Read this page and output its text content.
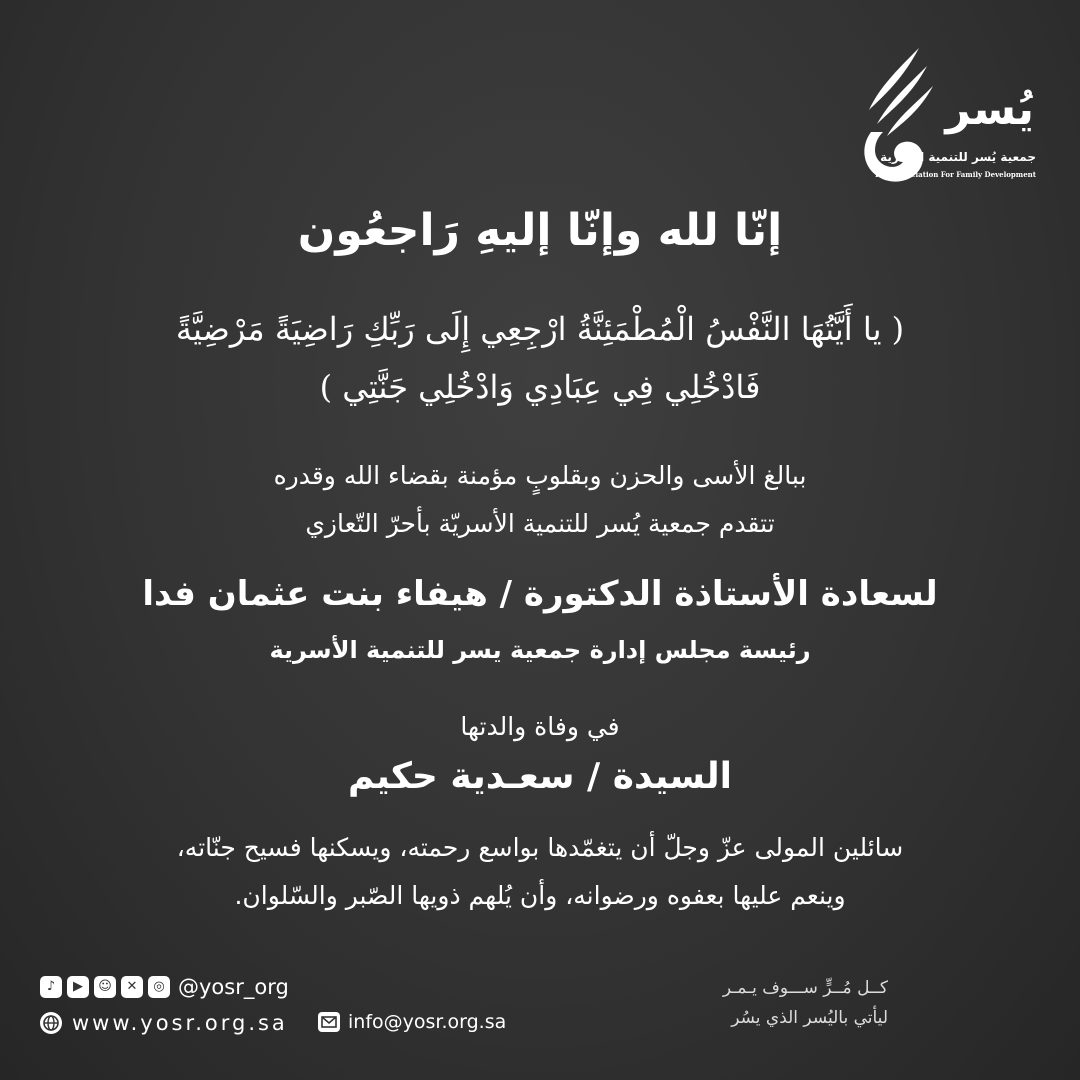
يُسر
جمعية يُسر للتنمية الأسرية
Yosr Association For Family Development
إنّا لله وإنّا إليهِ رَاجعُون
( يا أَيَّتُهَا النَّفْسُ الْمُطْمَئِنَّةُ ارْجِعِي إِلَى رَبِّكِ رَاضِيَةً مَرْضِيَّةً
فَادْخُلِي فِي عِبَادِي وَادْخُلِي جَنَّتِي )
ببالغ الأسى والحزن وبقلوبٍ مؤمنة بقضاء الله وقدره
تتقدم جمعية يُسر للتنمية الأسريّة بأحرّ التّعازي
لسعادة الأستاذة الدكتورة / هيفاء بنت عثمان فدا
رئيسة مجلس إدارة جمعية يسر للتنمية الأسرية
في وفاة والدتها
السيدة / سعـدية حكيم
سائلين المولى عزّ وجلّ أن يتغمّدها بواسع رحمته، ويسكنها فسيح جنّاته،
وينعم عليها بعفوه ورضوانه، وأن يُلهم ذويها الصّبر والسّلوان.
♪	▶	☺	✕	◎ @yosr_org
www.yosr.org.sa	info@yosr.org.sa
كــل مُــرٍّ ســـوف يـمـر
ليأتي باليُسر الذي يسُر
